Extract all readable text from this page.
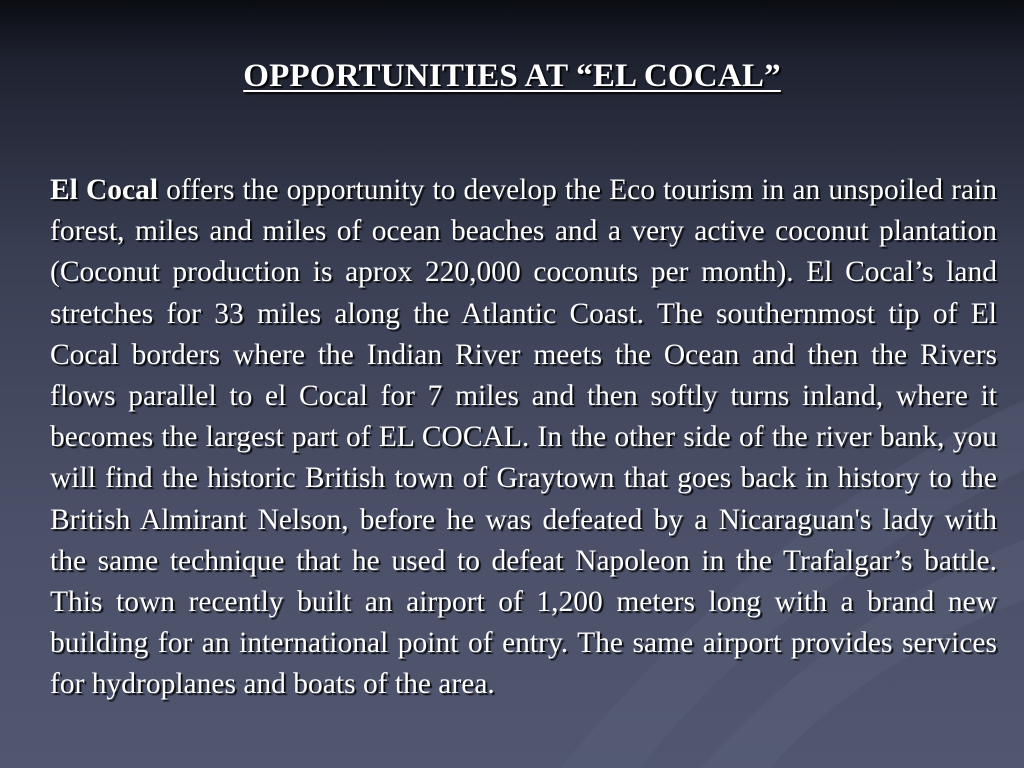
OPPORTUNITIES AT “EL COCAL”

El Cocal offers the opportunity to develop the Eco tourism in an unspoiled rain forest, miles and miles of ocean beaches and a very active coconut plantation (Coconut production is aprox 220,000 coconuts per month). El Cocal’s land stretches for 33 miles along the Atlantic Coast. The southernmost tip of El Cocal borders where the Indian River meets the Ocean and then the Rivers flows parallel to el Cocal for 7 miles and then softly turns inland, where it becomes the largest part of EL COCAL. In the other side of the river bank, you will find the historic British town of Graytown that goes back in history to the British Almirant Nelson, before he was defeated by a Nicaraguan's lady with the same technique that he used to defeat Napoleon in the Trafalgar’s battle. This town recently built an airport of 1,200 meters long with a brand new building for an international point of entry. The same airport provides services for hydroplanes and boats of the area.
